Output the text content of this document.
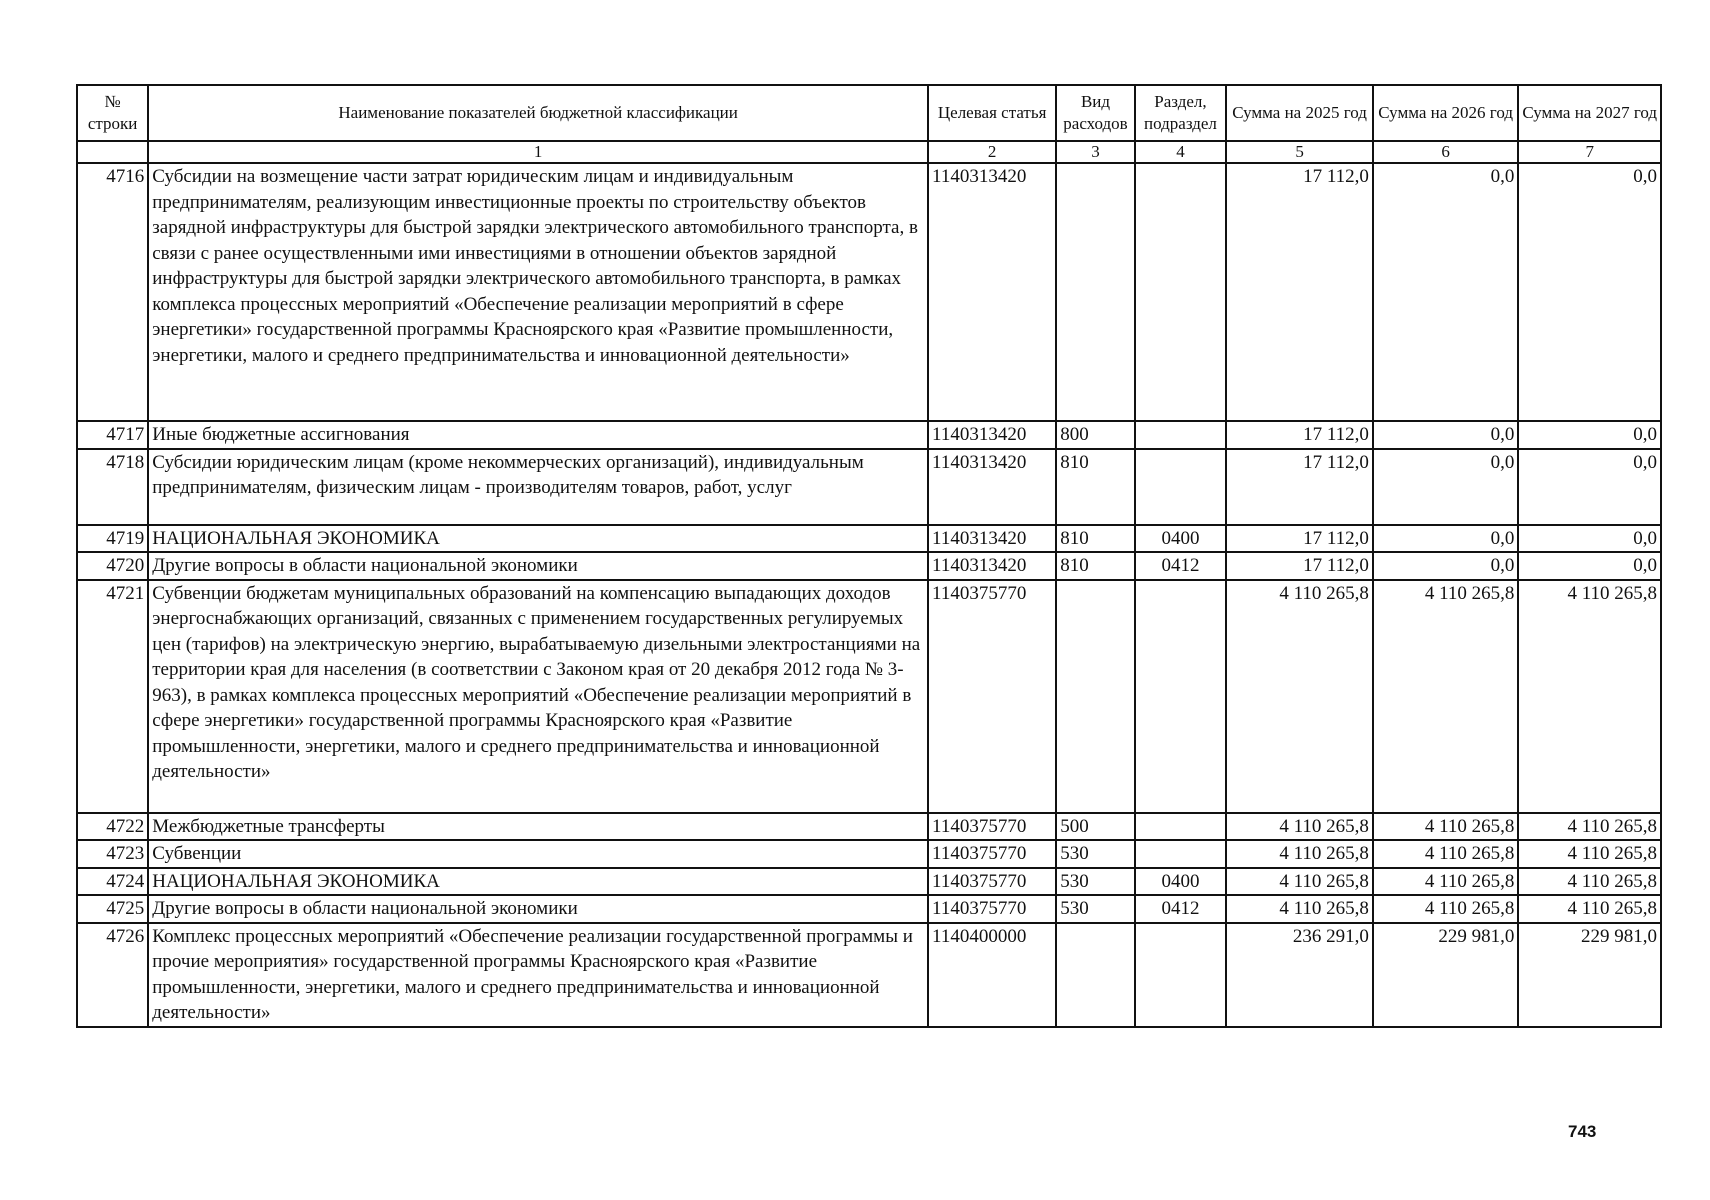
№ строки	Наименование показателей бюджетной классификации	Целевая статья	Вид расходов	Раздел, подраздел	Сумма на 2025 год	Сумма на 2026 год	Сумма на 2027 год
	1	2	3	4	5	6	7
4716	Субсидии на возмещение части затрат юридическим лицам и индивидуальным предпринимателям, реализующим инвестиционные проекты по строительству объектов зарядной инфраструктуры для быстрой зарядки электрического автомобильного транспорта, в связи с ранее осуществленными ими инвестициями в отношении объектов зарядной инфраструктуры для быстрой зарядки электрического автомобильного транспорта, в рамках комплекса процессных мероприятий «Обеспечение реализации мероприятий в сфере энергетики» государственной программы Красноярского края «Развитие промышленности, энергетики, малого и среднего предпринимательства и инновационной деятельности»	1140313420			17 112,0	0,0	0,0
4717	Иные бюджетные ассигнования	1140313420	800		17 112,0	0,0	0,0
4718	Субсидии юридическим лицам (кроме некоммерческих организаций), индивидуальным предпринимателям, физическим лицам - производителям товаров, работ, услуг	1140313420	810		17 112,0	0,0	0,0
4719	НАЦИОНАЛЬНАЯ ЭКОНОМИКА	1140313420	810	0400	17 112,0	0,0	0,0
4720	Другие вопросы в области национальной экономики	1140313420	810	0412	17 112,0	0,0	0,0
4721	Субвенции бюджетам муниципальных образований на компенсацию выпадающих доходов энергоснабжающих организаций, связанных с применением государственных регулируемых цен (тарифов) на электрическую энергию, вырабатываемую дизельными электростанциями на территории края для населения (в соответствии с Законом края от 20 декабря 2012 года № 3-963), в рамках комплекса процессных мероприятий «Обеспечение реализации мероприятий в сфере энергетики» государственной программы Красноярского края «Развитие промышленности, энергетики, малого и среднего предпринимательства и инновационной деятельности»	1140375770			4 110 265,8	4 110 265,8	4 110 265,8
4722	Межбюджетные трансферты	1140375770	500		4 110 265,8	4 110 265,8	4 110 265,8
4723	Субвенции	1140375770	530		4 110 265,8	4 110 265,8	4 110 265,8
4724	НАЦИОНАЛЬНАЯ ЭКОНОМИКА	1140375770	530	0400	4 110 265,8	4 110 265,8	4 110 265,8
4725	Другие вопросы в области национальной экономики	1140375770	530	0412	4 110 265,8	4 110 265,8	4 110 265,8
4726	Комплекс процессных мероприятий «Обеспечение реализации государственной программы и прочие мероприятия» государственной программы Красноярского края «Развитие промышленности, энергетики, малого и среднего предпринимательства и инновационной деятельности»	1140400000			236 291,0	229 981,0	229 981,0
743
